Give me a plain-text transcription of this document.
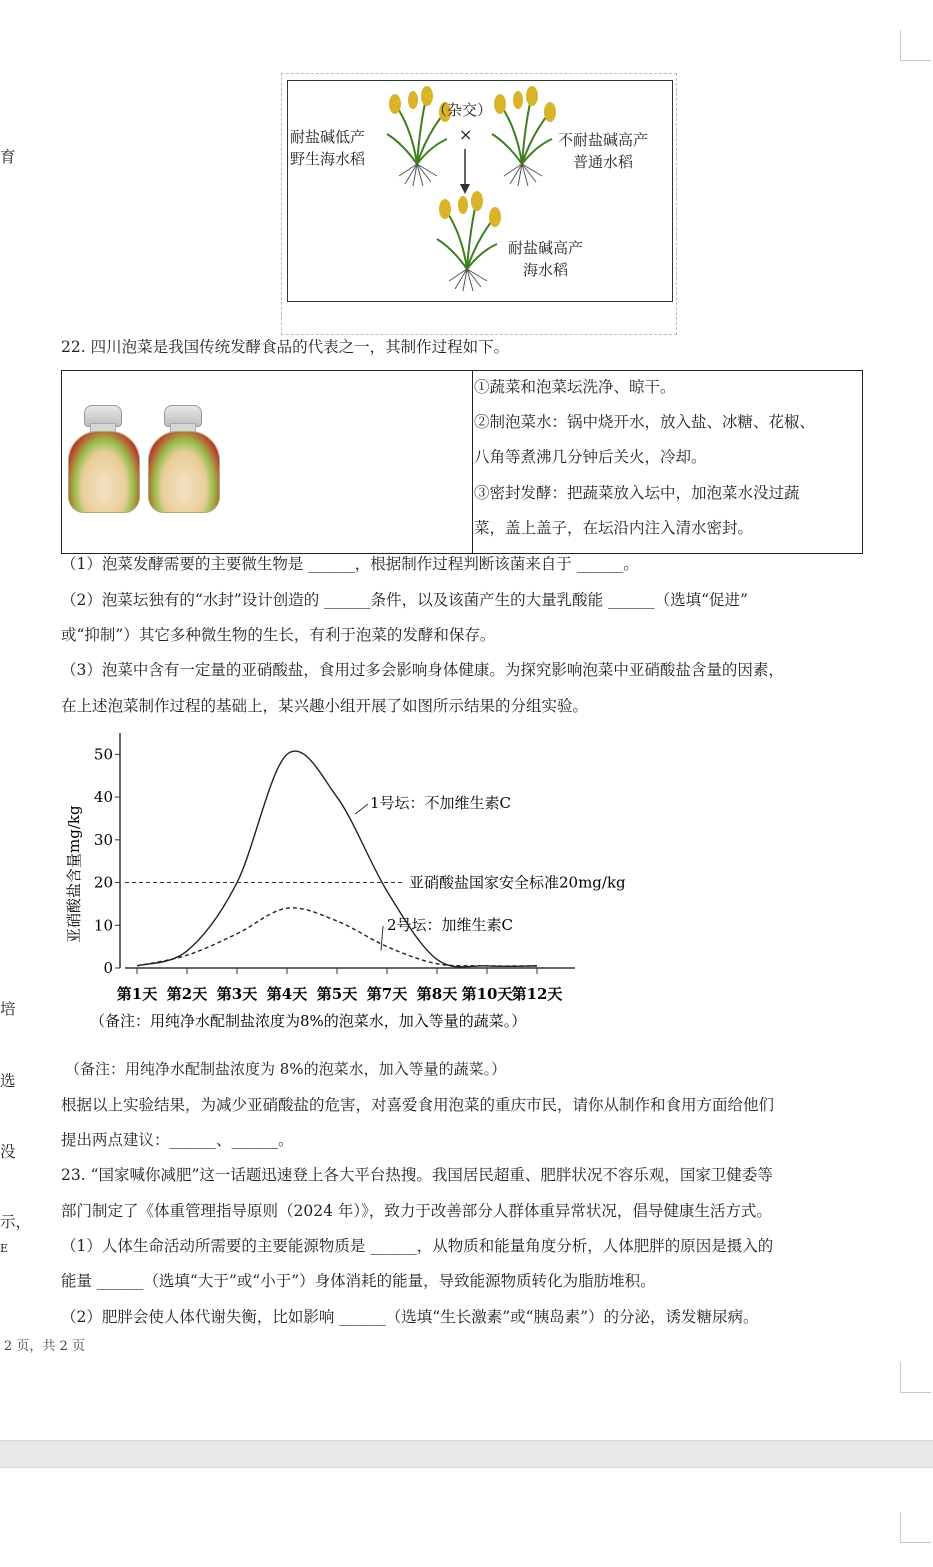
育
培
选
没
示，
E
（杂交）
×
耐盐碱低产
野生海水稻
不耐盐碱高产
普通水稻
耐盐碱高产
海水稻
22. 四川泡菜是我国传统发酵食品的代表之一，其制作过程如下。
①蔬菜和泡菜坛洗净、晾干。
②制泡菜水：锅中烧开水，放入盐、冰糖、花椒、
八角等煮沸几分钟后关火，冷却。
③密封发酵：把蔬菜放入坛中，加泡菜水没过蔬
菜，盖上盖子，在坛沿内注入清水密封。
（1）泡菜发酵需要的主要微生物是 ______，根据制作过程判断该菌来自于 ______。
（2）泡菜坛独有的“水封”设计创造的 ______条件，以及该菌产生的大量乳酸能 ______（选填“促进”
或“抑制”）其它多种微生物的生长，有利于泡菜的发酵和保存。
（3）泡菜中含有一定量的亚硝酸盐，食用过多会影响身体健康。为探究影响泡菜中亚硝酸盐含量的因素，
在上述泡菜制作过程的基础上，某兴趣小组开展了如图所示结果的分组实验。
0
10
20
30
40
50
亚硝酸盐含量mg/kg
第1天 第2天 第3天 第4天 第5天 第7天 第8天 第10天 第12天
亚硝酸盐国家安全标准20mg/kg
1号坛：不加维生素C
2号坛：加维生素C
（备注：用纯净水配制盐浓度为8%的泡菜水，加入等量的蔬菜。）
（备注：用纯净水配制盐浓度为 8%的泡菜水，加入等量的蔬菜。）
根据以上实验结果，为减少亚硝酸盐的危害，对喜爱食用泡菜的重庆市民，请你从制作和食用方面给他们
提出两点建议：______、______。
23. “国家喊你减肥”这一话题迅速登上各大平台热搜。我国居民超重、肥胖状况不容乐观，国家卫健委等
部门制定了《体重管理指导原则（2024 年）》，致力于改善部分人群体重异常状况，倡导健康生活方式。
（1）人体生命活动所需要的主要能源物质是 ______，从物质和能量角度分析，人体肥胖的原因是摄入的
能量 ______（选填“大于”或“小于”）身体消耗的能量，导致能源物质转化为脂肪堆积。
（2）肥胖会使人体代谢失衡，比如影响 ______（选填“生长激素”或“胰岛素”）的分泌，诱发糖尿病。
2 页，共 2 页
